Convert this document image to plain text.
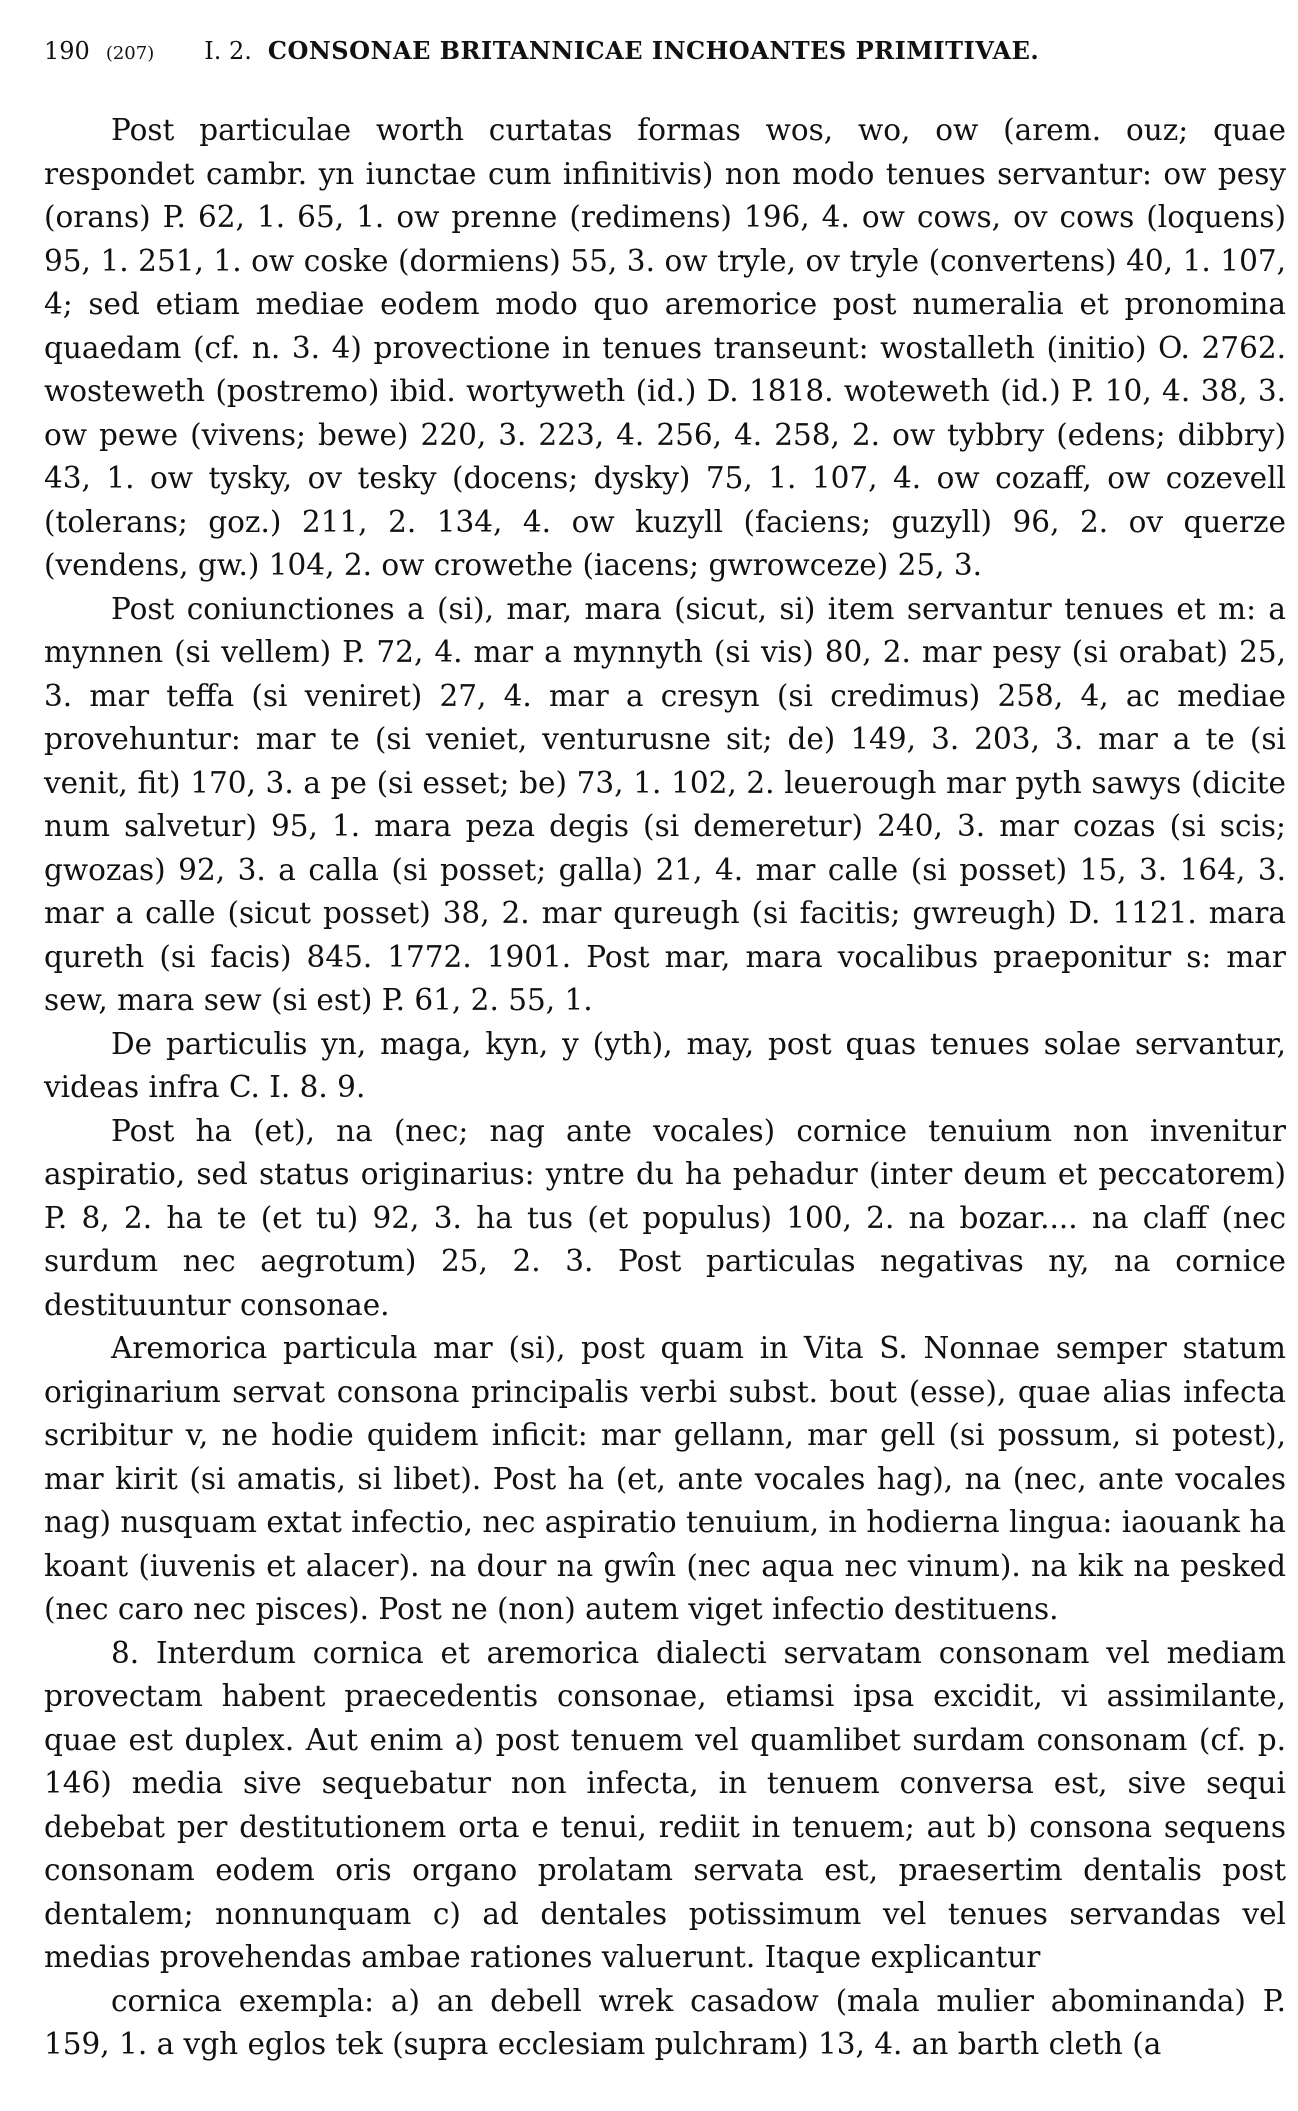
190 (207) I. 2. CONSONAE BRITANNICAE INCHOANTES PRIMITIVAE.

Post particulae worth curtatas formas wos, wo, ow (arem. ouz; quae respondet cambr. yn iunctae cum infinitivis) non modo tenues servantur: ow pesy (orans) P. 62, 1. 65, 1. ow prenne (redimens) 196, 4. ow cows, ov cows (loquens) 95, 1. 251, 1. ow coske (dormiens) 55, 3. ow tryle, ov tryle (convertens) 40, 1. 107, 4; sed etiam mediae eodem modo quo aremorice post numeralia et pronomina quaedam (cf. n. 3. 4) provectione in tenues transeunt: wostalleth (initio) O. 2762. wosteweth (postremo) ibid. wortyweth (id.) D. 1818. woteweth (id.) P. 10, 4. 38, 3. ow pewe (vivens; bewe) 220, 3. 223, 4. 256, 4. 258, 2. ow tybbry (edens; dibbry) 43, 1. ow tysky, ov tesky (docens; dysky) 75, 1. 107, 4. ow cozaff, ow cozevell (tolerans; goz.) 211, 2. 134, 4. ow kuzyll (faciens; guzyll) 96, 2. ov querze (vendens, gw.) 104, 2. ow crowethe (iacens; gwrowceze) 25, 3.

Post coniunctiones a (si), mar, mara (sicut, si) item servantur tenues et m: a mynnen (si vellem) P. 72, 4. mar a mynnyth (si vis) 80, 2. mar pesy (si orabat) 25, 3. mar teffa (si veniret) 27, 4. mar a cresyn (si credimus) 258, 4, ac mediae provehuntur: mar te (si veniet, venturusne sit; de) 149, 3. 203, 3. mar a te (si venit, fit) 170, 3. a pe (si esset; be) 73, 1. 102, 2. leuerough mar pyth sawys (dicite num salvetur) 95, 1. mara peza degis (si demeretur) 240, 3. mar cozas (si scis; gwozas) 92, 3. a calla (si posset; galla) 21, 4. mar calle (si posset) 15, 3. 164, 3. mar a calle (sicut posset) 38, 2. mar qureugh (si facitis; gwreugh) D. 1121. mara qureth (si facis) 845. 1772. 1901. Post mar, mara vocalibus praeponitur s: mar sew, mara sew (si est) P. 61, 2. 55, 1.

De particulis yn, maga, kyn, y (yth), may, post quas tenues solae servantur, videas infra C. I. 8. 9.

Post ha (et), na (nec; nag ante vocales) cornice tenuium non invenitur aspiratio, sed status originarius: yntre du ha pehadur (inter deum et peccatorem) P. 8, 2. ha te (et tu) 92, 3. ha tus (et populus) 100, 2. na bozar.... na claff (nec surdum nec aegrotum) 25, 2. 3. Post particulas negativas ny, na cornice destituuntur consonae.

Aremorica particula mar (si), post quam in Vita S. Nonnae semper statum originarium servat consona principalis verbi subst. bout (esse), quae alias infecta scribitur v, ne hodie quidem inficit: mar gellann, mar gell (si possum, si potest), mar kirit (si amatis, si libet). Post ha (et, ante vocales hag), na (nec, ante vocales nag) nusquam extat infectio, nec aspiratio tenuium, in hodierna lingua: iaouank ha koant (iuvenis et alacer). na dour na gwîn (nec aqua nec vinum). na kik na pesked (nec caro nec pisces). Post ne (non) autem viget infectio destituens.

8. Interdum cornica et aremorica dialecti servatam consonam vel mediam provectam habent praecedentis consonae, etiamsi ipsa excidit, vi assimilante, quae est duplex. Aut enim a) post tenuem vel quamlibet surdam consonam (cf. p. 146) media sive sequebatur non infecta, in tenuem conversa est, sive sequi debebat per destitutionem orta e tenui, rediit in tenuem; aut b) consona sequens consonam eodem oris organo prolatam servata est, praesertim dentalis post dentalem; nonnunquam c) ad dentales potissimum vel tenues servandas vel medias provehendas ambae rationes valuerunt. Itaque explicantur

cornica exempla: a) an debell wrek casadow (mala mulier abominanda) P. 159, 1. a vgh eglos tek (supra ecclesiam pulchram) 13, 4. an barth cleth (a
